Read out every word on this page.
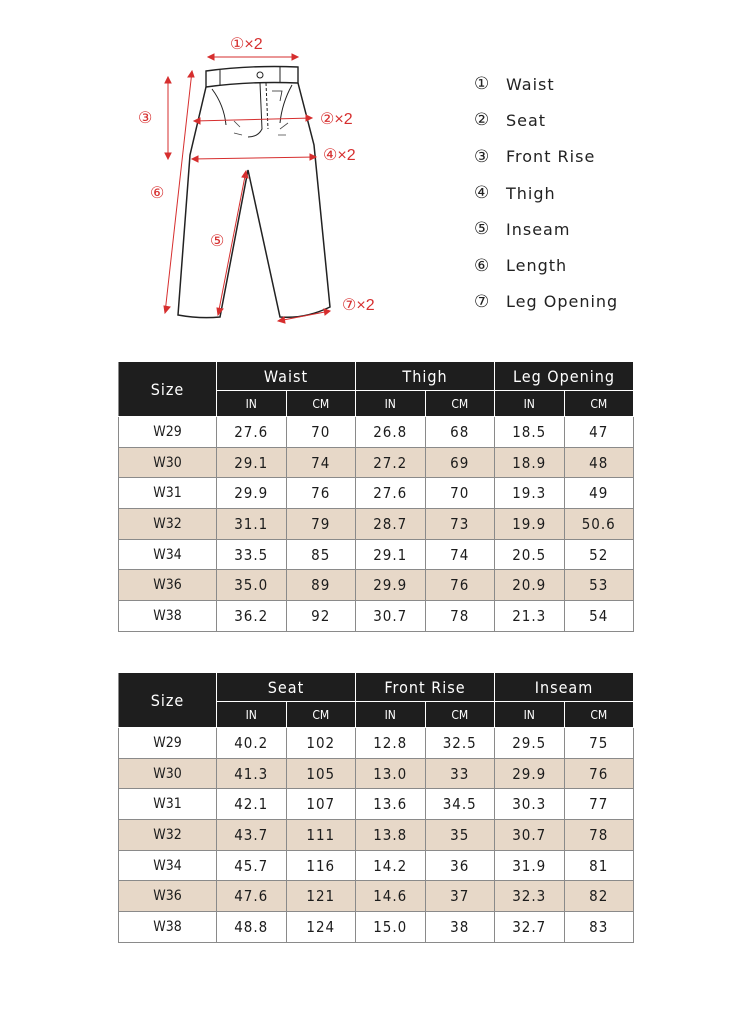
①×2
②×2
③
④×2
⑤
⑥
⑦×2
① Waist
② Seat
③ Front Rise
④ Thigh
⑤ Inseam
⑥ Length
⑦ Leg Opening
Size	Waist		Thigh		Leg Opening	
	IN	CM	IN	CM	IN	CM
W29	27.6	70	26.8	68	18.5	47
W30	29.1	74	27.2	69	18.9	48
W31	29.9	76	27.6	70	19.3	49
W32	31.1	79	28.7	73	19.9	50.6
W34	33.5	85	29.1	74	20.5	52
W36	35.0	89	29.9	76	20.9	53
W38	36.2	92	30.7	78	21.3	54
Size	Seat		Front Rise		Inseam	
	IN	CM	IN	CM	IN	CM
W29	40.2	102	12.8	32.5	29.5	75
W30	41.3	105	13.0	33	29.9	76
W31	42.1	107	13.6	34.5	30.3	77
W32	43.7	111	13.8	35	30.7	78
W34	45.7	116	14.2	36	31.9	81
W36	47.6	121	14.6	37	32.3	82
W38	48.8	124	15.0	38	32.7	83
